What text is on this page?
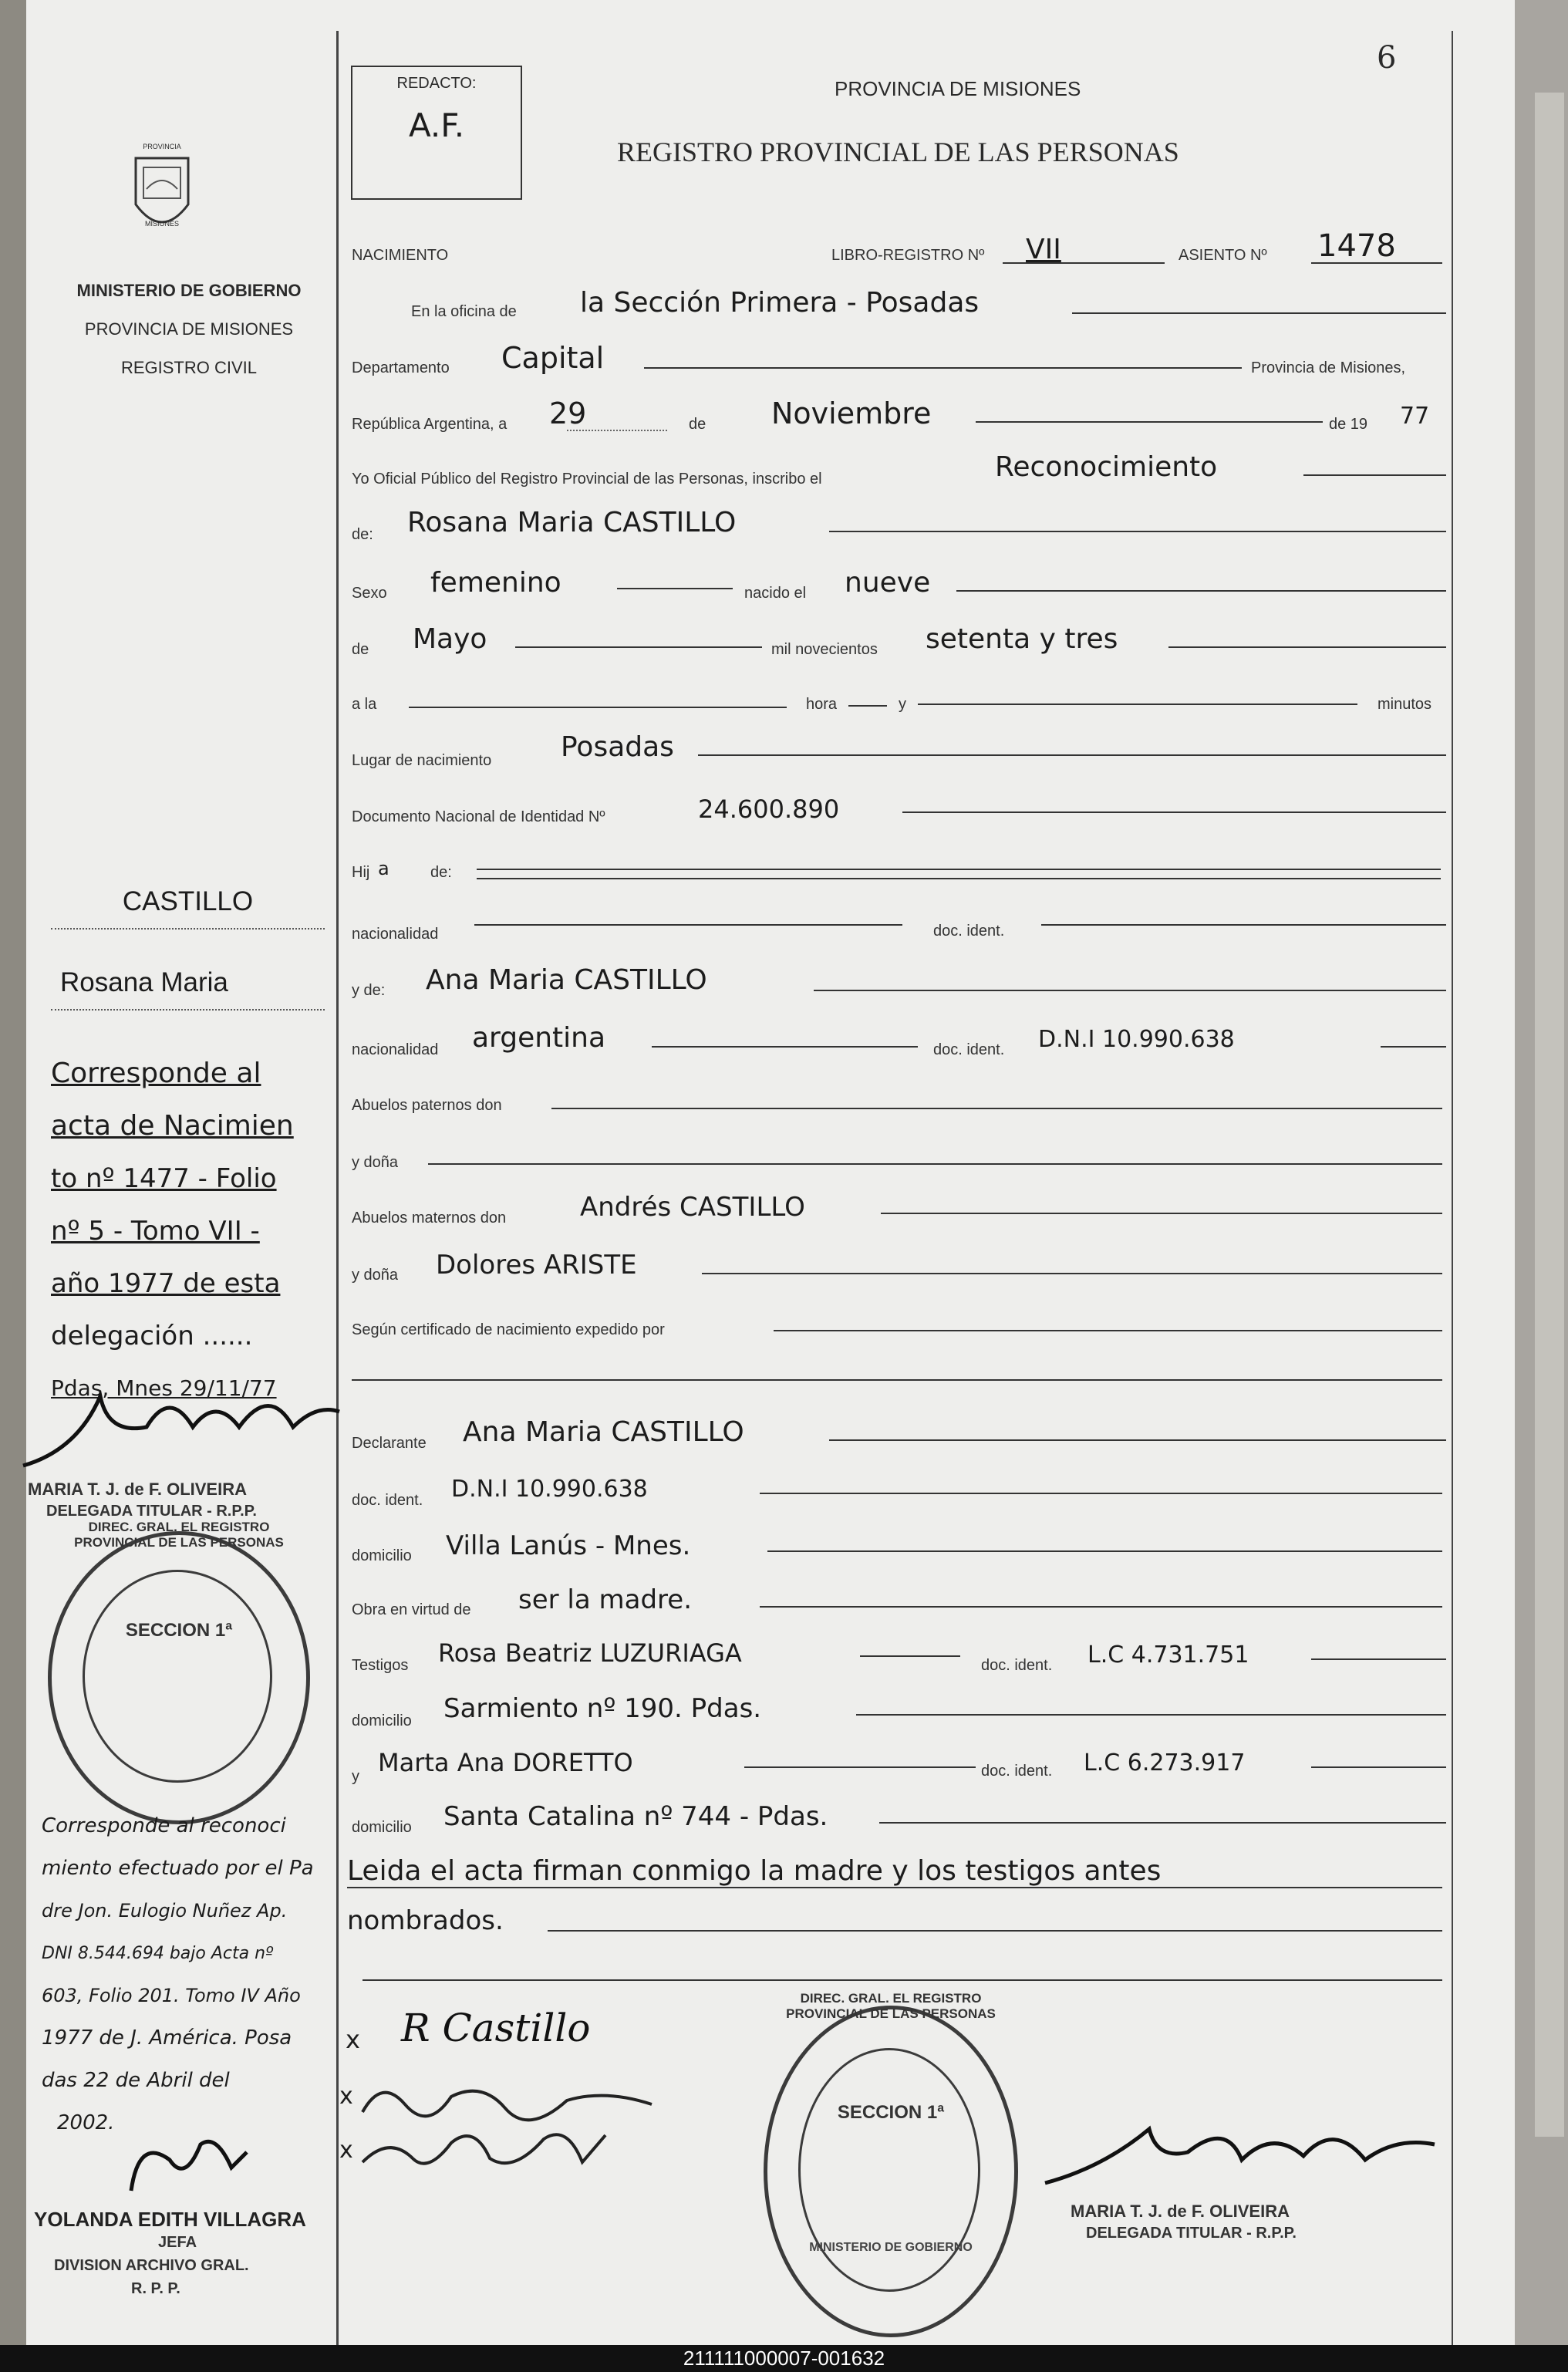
PROVINCIA
MISIONES
MINISTERIO DE GOBIERNO
PROVINCIA DE MISIONES
REGISTRO CIVIL
REDACTO:
A.F.
6
PROVINCIA DE MISIONES
REGISTRO PROVINCIAL DE LAS PERSONAS
NACIMIENTO	LIBRO-REGISTRO Nº VII	ASIENTO Nº 1478
En la oficina de la Sección Primera - Posadas
Departamento Capital	Provincia de Misiones,
República Argentina, a 29	de Noviembre	de 19 77
Yo Oficial Público del Registro Provincial de las Personas, inscribo el	Reconocimiento
de: Rosana Maria CASTILLO
Sexo femenino	nacido el nueve
de Mayo	mil novecientos setenta y tres
a la	hora	y	minutos
Lugar de nacimiento Posadas
Documento Nacional de Identidad Nº	24.600.890
Hij a	de:
nacionalidad	doc. ident.
y de: Ana Maria CASTILLO
nacionalidad argentina	doc. ident. D.N.I 10.990.638
Abuelos paternos don
y doña
Abuelos maternos don	Andrés CASTILLO
y doña Dolores ARISTE
Según certificado de nacimiento expedido por
Declarante Ana Maria CASTILLO
doc. ident. D.N.I 10.990.638
domicilio Villa Lanús - Mnes.
Obra en virtud de ser la madre.
Testigos Rosa Beatriz LUZURIAGA	doc. ident. L.C 4.731.751
domicilio Sarmiento nº 190. Pdas.
y Marta Ana DORETTO	doc. ident. L.C 6.273.917
domicilio Santa Catalina nº 744 - Pdas.
Leida el acta firman conmigo la madre y los testigos antes
nombrados.
x R Castillo
x
x
DIREC. GRAL. EL REGISTRO PROVINCIAL DE LAS PERSONAS
SECCION 1ª
MINISTERIO DE GOBIERNO
MARIA T. J. de F. OLIVEIRA
DELEGADA TITULAR - R.P.P.
CASTILLO
Rosana Maria
Corresponde al
acta de Nacimien
to nº 1477 - Folio
nº 5 - Tomo VII -
año 1977 de esta
delegación ......
Pdas, Mnes 29/11/77
MARIA T. J. de F. OLIVEIRA
DELEGADA TITULAR - R.P.P.
DIREC. GRAL. EL REGISTRO PROVINCIAL DE LAS PERSONAS
SECCION 1ª
Corresponde al reconoci
miento efectuado por el Pa
dre Jon. Eulogio Nuñez Ap.
DNI 8.544.694 bajo Acta nº
603, Folio 201. Tomo IV Año
1977 de J. América. Posa
das 22 de Abril del
2002.
YOLANDA EDITH VILLAGRA
JEFA
DIVISION ARCHIVO GRAL.
R. P. P.
211111000007-001632
